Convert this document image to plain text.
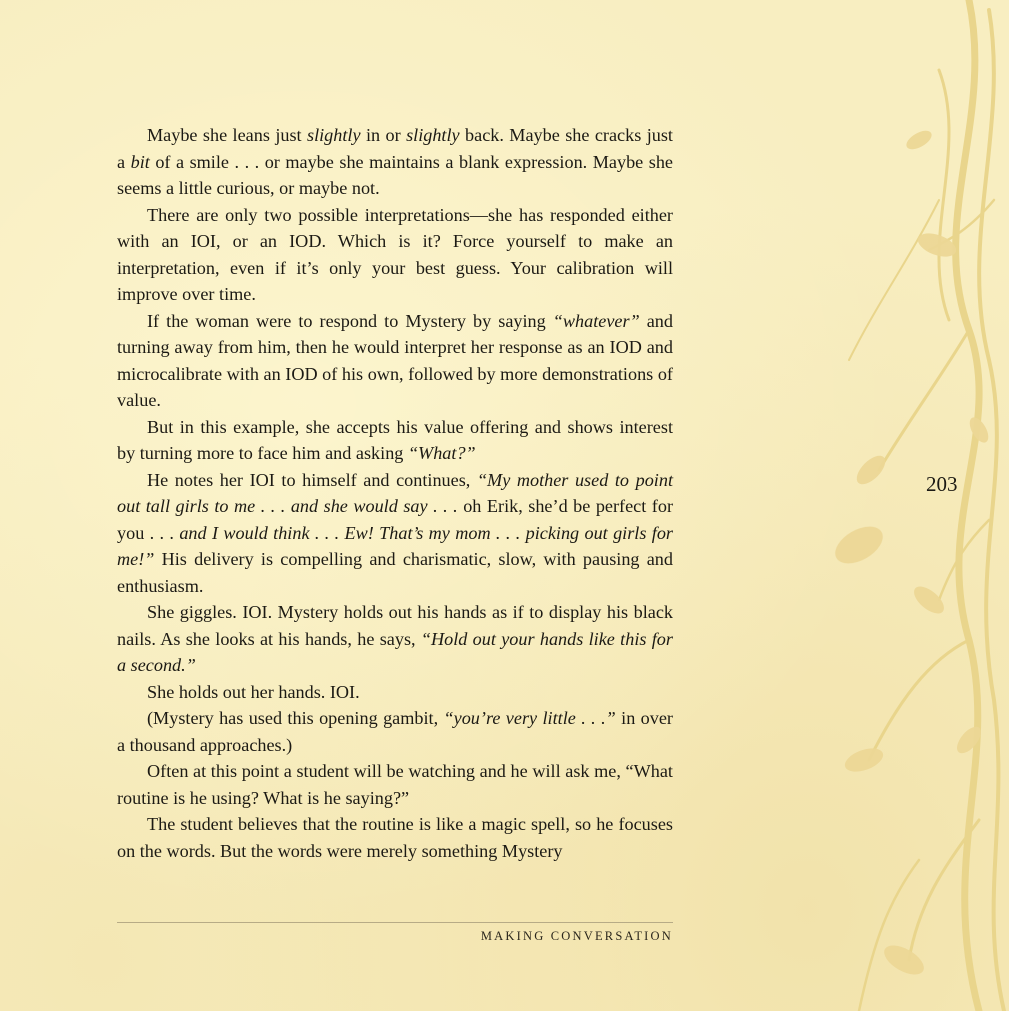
Maybe she leans just slightly in or slightly back. Maybe she cracks just a bit of a smile . . . or maybe she maintains a blank expression. Maybe she seems a little curious, or maybe not.

There are only two possible interpretations—she has responded either with an IOI, or an IOD. Which is it? Force yourself to make an interpretation, even if it’s only your best guess. Your calibration will improve over time.

If the woman were to respond to Mystery by saying “whatever” and turning away from him, then he would interpret her response as an IOD and microcalibrate with an IOD of his own, followed by more demonstrations of value.

But in this example, she accepts his value offering and shows interest by turning more to face him and asking “What?”

He notes her IOI to himself and continues, “My mother used to point out tall girls to me . . . and she would say . . . oh Erik, she’d be perfect for you . . . and I would think . . . Ew! That’s my mom . . . picking out girls for me!” His delivery is compelling and charismatic, slow, with pausing and enthusiasm.

She giggles. IOI. Mystery holds out his hands as if to display his black nails. As she looks at his hands, he says, “Hold out your hands like this for a second.”

She holds out her hands. IOI.

(Mystery has used this opening gambit, “you’re very little . . .” in over a thousand approaches.)

Often at this point a student will be watching and he will ask me, “What routine is he using? What is he saying?”

The student believes that the routine is like a magic spell, so he focuses on the words. But the words were merely something Mystery

203
MAKING CONVERSATION
